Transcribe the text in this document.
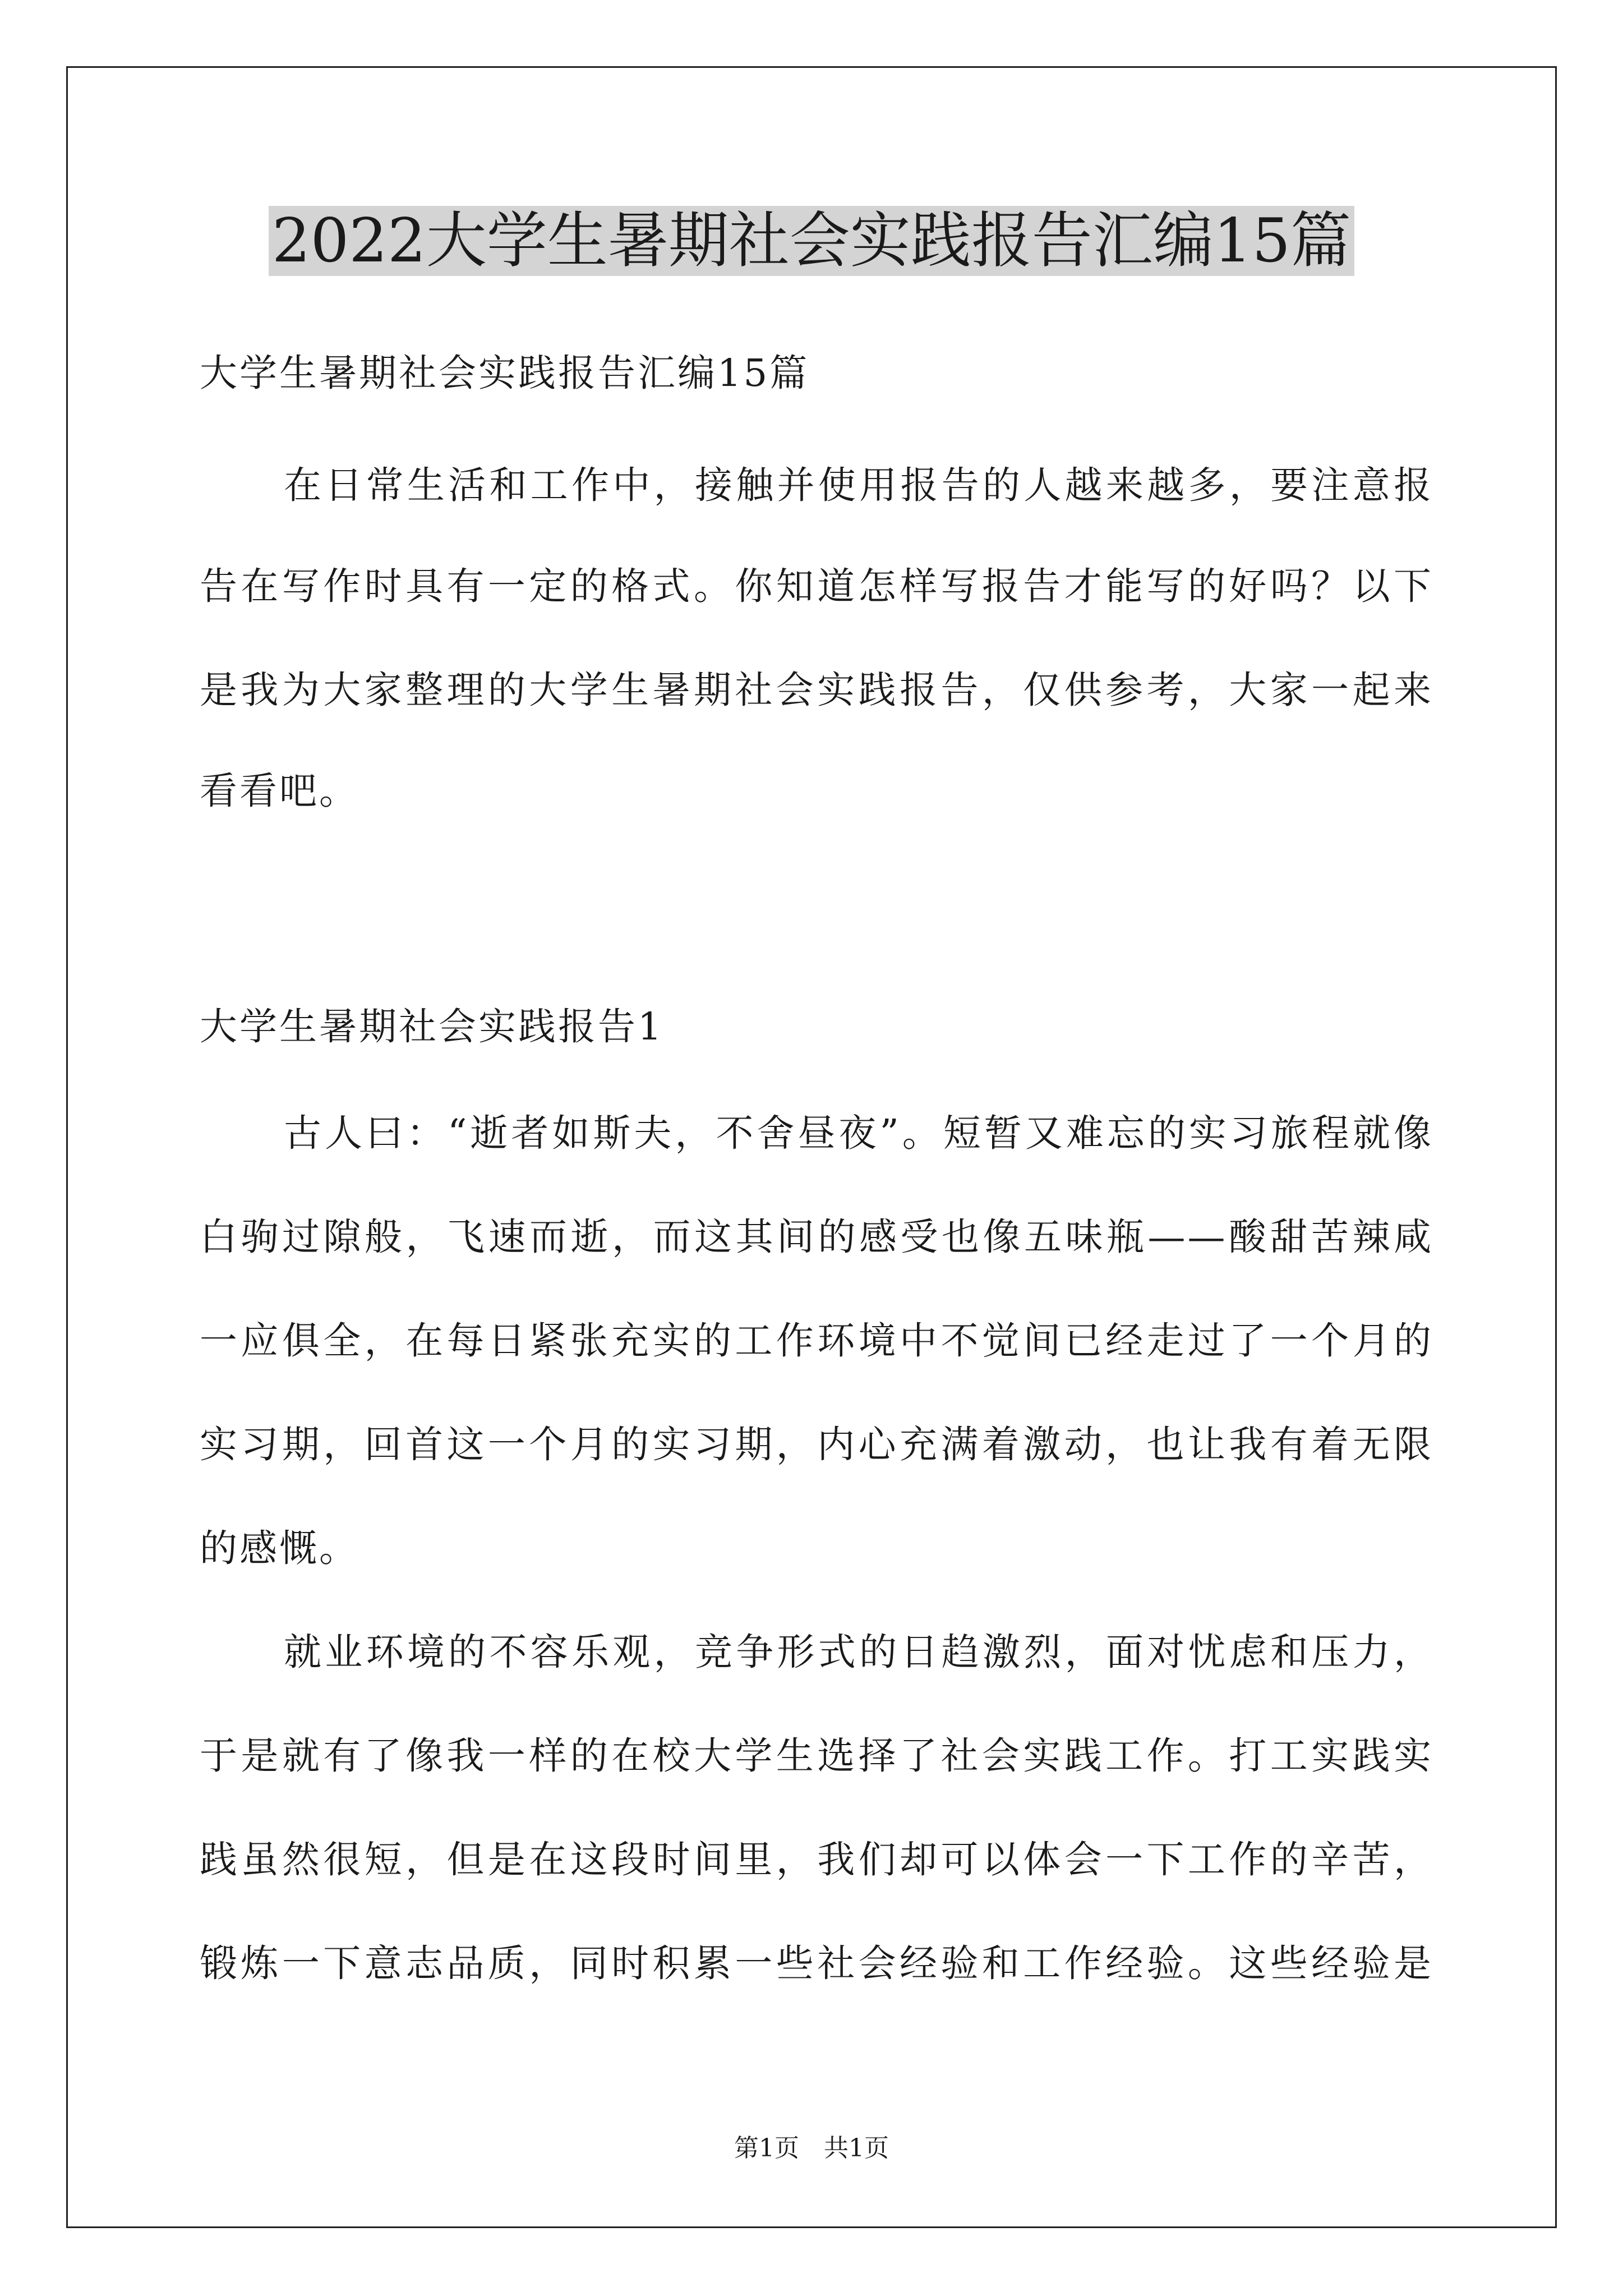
2022大学生暑期社会实践报告汇编15篇
大学生暑期社会实践报告汇编15篇
在日常生活和工作中，接触并使用报告的人越来越多，要注意报
告在写作时具有一定的格式。你知道怎样写报告才能写的好吗？以下
是我为大家整理的大学生暑期社会实践报告，仅供参考，大家一起来
看看吧。
大学生暑期社会实践报告1
古人曰：“逝者如斯夫，不舍昼夜”。短暂又难忘的实习旅程就像
白驹过隙般，飞速而逝，而这其间的感受也像五味瓶——酸甜苦辣咸
一应俱全，在每日紧张充实的工作环境中不觉间已经走过了一个月的
实习期，回首这一个月的实习期，内心充满着激动，也让我有着无限
的感慨。
就业环境的不容乐观，竞争形式的日趋激烈，面对忧虑和压力，
于是就有了像我一样的在校大学生选择了社会实践工作。打工实践实
践虽然很短，但是在这段时间里，我们却可以体会一下工作的辛苦，
锻炼一下意志品质，同时积累一些社会经验和工作经验。这些经验是
第1页 共1页
